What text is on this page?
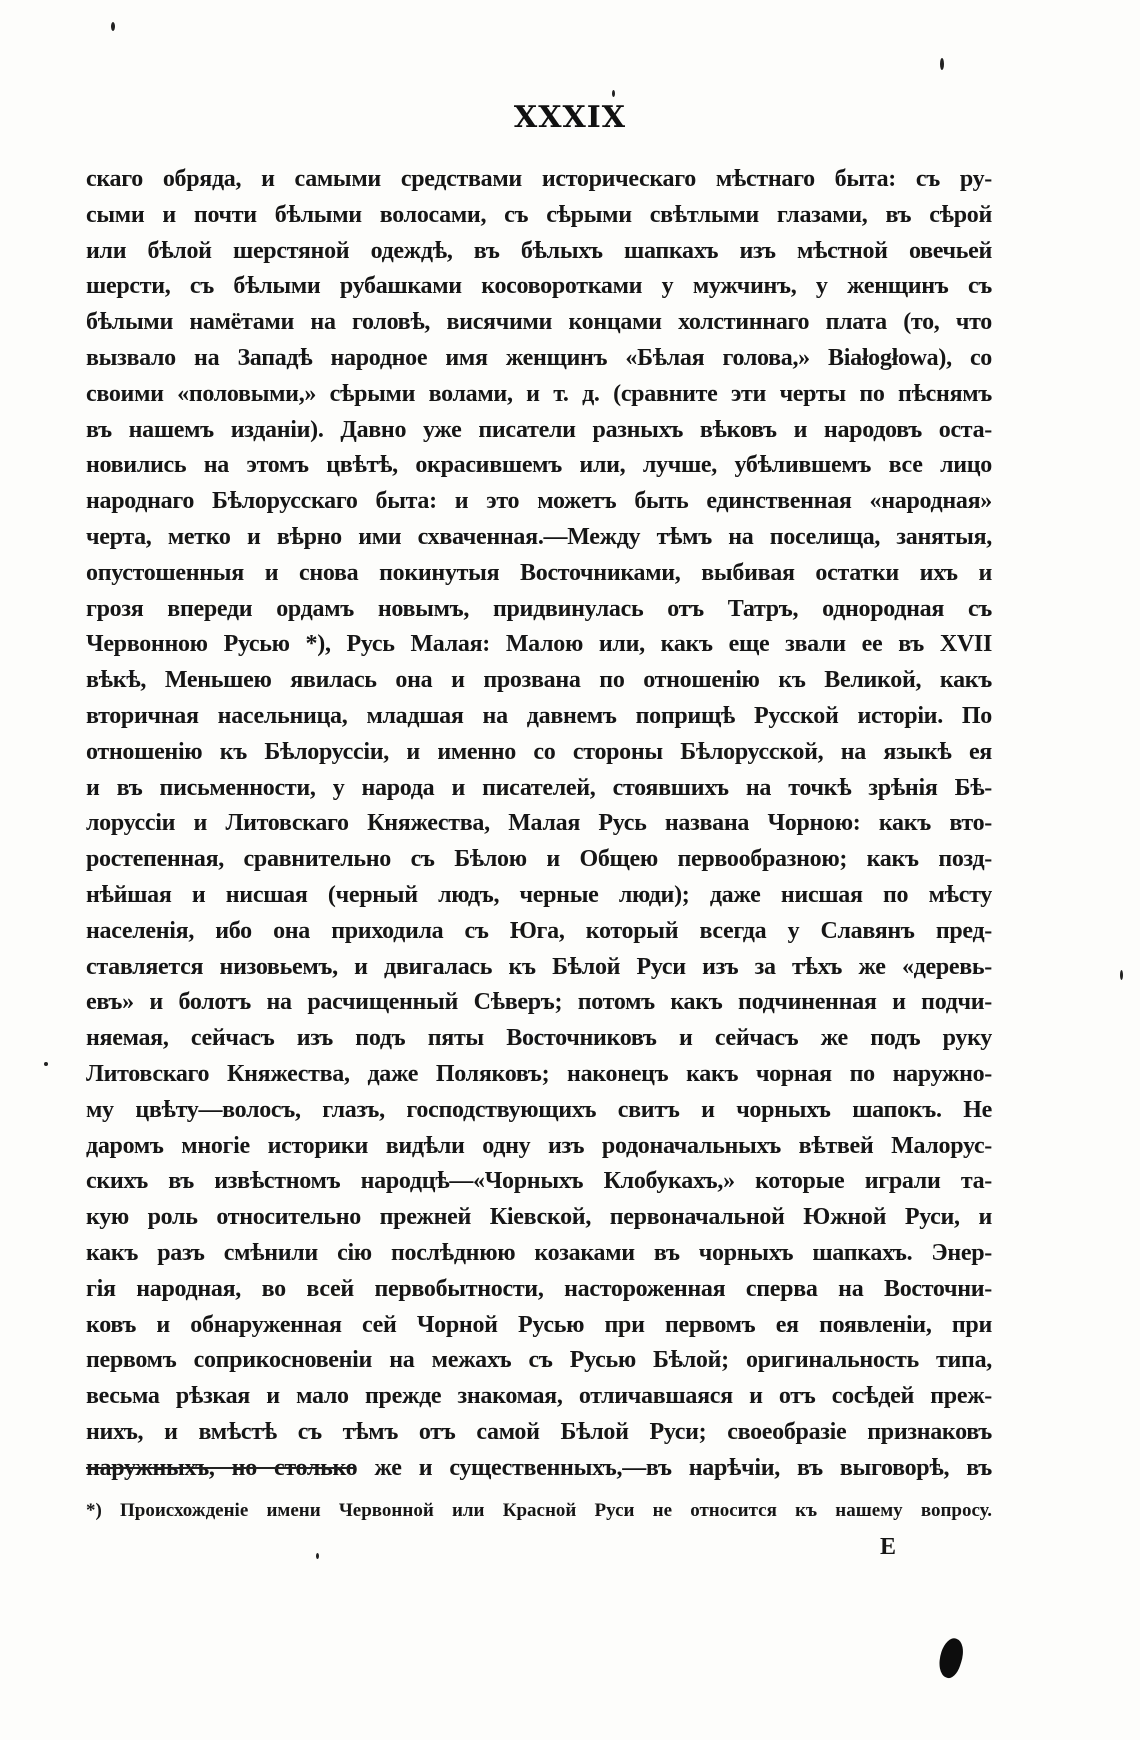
XXXIX
скаго обряда, и самыми средствами историческаго мѣстнаго быта: съ ру-
сыми и почти бѣлыми волосами, съ сѣрыми свѣтлыми глазами, въ сѣрой
или бѣлой шерстяной одеждѣ, въ бѣлыхъ шапкахъ изъ мѣстной овечьей
шерсти, съ бѣлыми рубашками косоворотками у мужчинъ, у женщинъ съ
бѣлыми намётами на головѣ, висячими концами холстиннаго плата (то, что
вызвало на Западѣ народное имя женщинъ «Бѣлая голова,» Białogłowa), со
своими «половыми,» сѣрыми волами, и т. д. (сравните эти черты по пѣснямъ
въ нашемъ изданіи). Давно уже писатели разныхъ вѣковъ и народовъ оста-
новились на этомъ цвѣтѣ, окрасившемъ или, лучше, убѣлившемъ все лицо
народнаго Бѣлорусскаго быта: и это можетъ быть единственная «народная»
черта, метко и вѣрно ими схваченная.—Между тѣмъ на поселища, занятыя,
опустошенныя и снова покинутыя Восточниками, выбивая остатки ихъ и
грозя впереди ордамъ новымъ, придвинулась отъ Татръ, однородная съ
Червонною Русью *), Русь Малая: Малою или, какъ еще звали ее въ XVII
вѣкѣ, Меньшею явилась она и прозвана по отношенію къ Великой, какъ
вторичная насельница, младшая на давнемъ поприщѣ Русской исторіи. По
отношенію къ Бѣлоруссіи, и именно со стороны Бѣлорусской, на языкѣ ея
и въ письменности, у народа и писателей, стоявшихъ на точкѣ зрѣнія Бѣ-
лоруссіи и Литовскаго Княжества, Малая Русь названа Чорною: какъ вто-
ростепенная, сравнительно съ Бѣлою и Общею первообразною; какъ позд-
нѣйшая и нисшая (черный людъ, черные люди); даже нисшая по мѣсту
населенія, ибо она приходила съ Юга, который всегда у Славянъ пред-
ставляется низовьемъ, и двигалась къ Бѣлой Руси изъ за тѣхъ же «деревь-
евъ» и болотъ на расчищенный Сѣверъ; потомъ какъ подчиненная и подчи-
няемая, сейчасъ изъ подъ пяты Восточниковъ и сейчасъ же подъ руку
Литовскаго Княжества, даже Поляковъ; наконецъ какъ чорная по наружно-
му цвѣту—волосъ, глазъ, господствующихъ свитъ и чорныхъ шапокъ. Не
даромъ многіе историки видѣли одну изъ родоначальныхъ вѣтвей Малорус-
скихъ въ извѣстномъ народцѣ—«Чорныхъ Клобукахъ,» которые играли та-
кую роль относительно прежней Кіевской, первоначальной Южной Руси, и
какъ разъ смѣнили сію послѣднюю козаками въ чорныхъ шапкахъ. Энер-
гія народная, во всей первобытности, настороженная сперва на Восточни-
ковъ и обнаруженная сей Чорной Русью при первомъ ея появленіи, при
первомъ соприкосновеніи на межахъ съ Русью Бѣлой; оригинальность типа,
весьма рѣзкая и мало прежде знакомая, отличавшаяся и отъ сосѣдей преж-
нихъ, и вмѣстѣ съ тѣмъ отъ самой Бѣлой Руси; своеобразіе признаковъ
наружныхъ, но столько же и существенныхъ,—въ нарѣчіи, въ выговорѣ, въ
*) Происхожденіе имени Червонной или Красной Руси не относится къ нашему вопросу.
Е
